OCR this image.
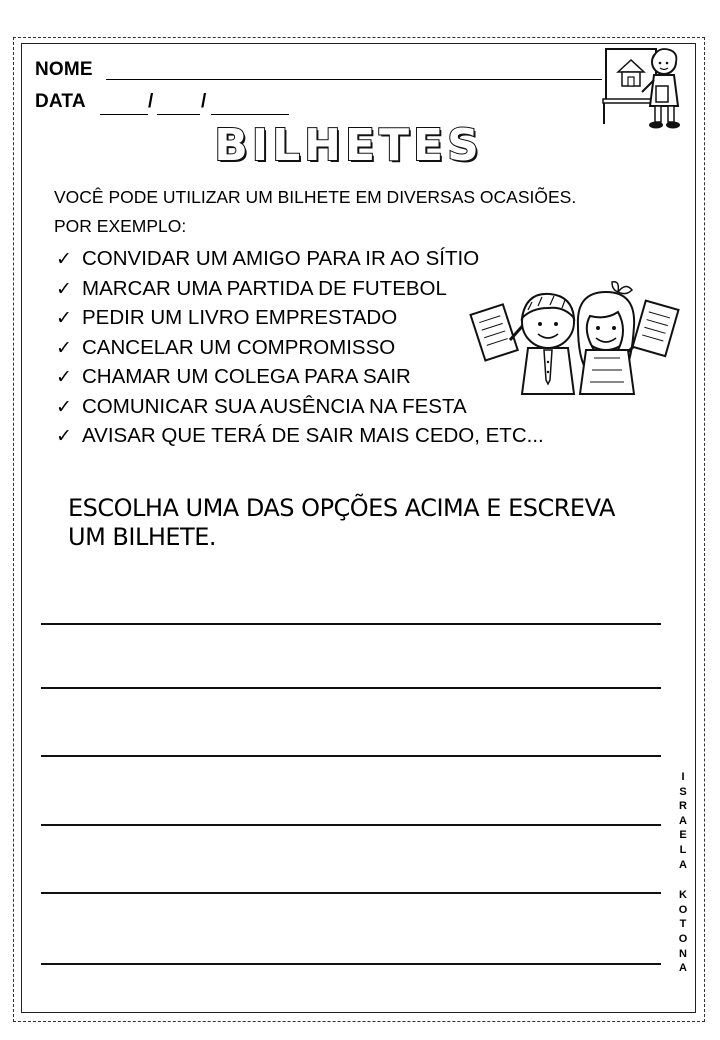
NOME
DATA	/	/
BILHETES
VOCÊ PODE UTILIZAR UM BILHETE EM DIVERSAS OCASIÕES.
POR EXEMPLO:
✓ CONVIDAR UM AMIGO PARA IR AO SÍTIO
✓ MARCAR UMA PARTIDA DE FUTEBOL
✓ PEDIR UM LIVRO EMPRESTADO
✓ CANCELAR UM COMPROMISSO
✓ CHAMAR UM COLEGA PARA SAIR
✓ COMUNICAR SUA AUSÊNCIA NA FESTA
✓ AVISAR QUE TERÁ DE SAIR MAIS CEDO, ETC...
ESCOLHA UMA DAS OPÇÕES ACIMA E ESCREVA
UM BILHETE.
I
S
R
A
E
L
A
K
O
T
O
N
A
